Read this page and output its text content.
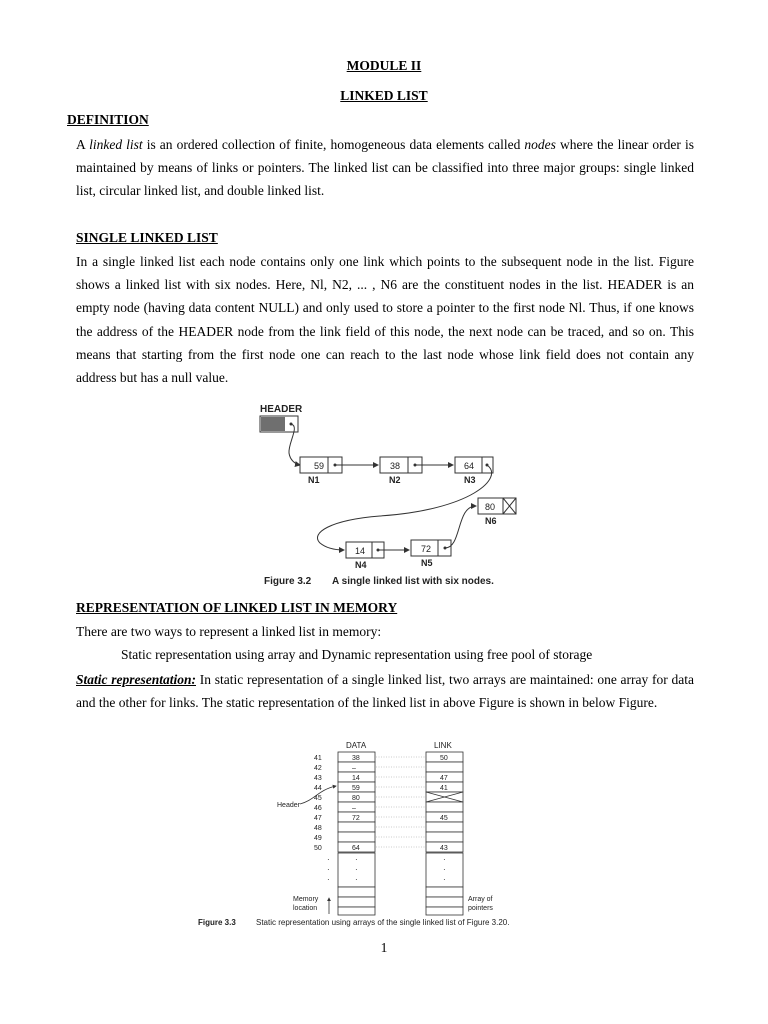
MODULE II
LINKED LIST
DEFINITION
A linked list is an ordered collection of finite, homogeneous data elements called nodes where the linear order is maintained by means of links or pointers. The linked list can be classified into three major groups: single linked list, circular linked list, and double linked list.
SINGLE LINKED LIST
In a single linked list each node contains only one link which points to the subsequent node in the list. Figure shows a linked list with six nodes. Here, Nl, N2, ... , N6 are the constituent nodes in the list. HEADER is an empty node (having data content NULL) and only used to store a pointer to the first node Nl. Thus, if one knows the address of the HEADER node from the link field of this node, the next node can be traced, and so on. This means that starting from the first node one can reach to the last node whose link field does not contain any address but has a null value.
HEADER
59
N1
38
N2
64
N3
80
N6
14
N4
72
N5
Figure 3.2 A single linked list with six nodes.
REPRESENTATION OF LINKED LIST IN MEMORY
There are two ways to represent a linked list in memory:
Static representation using array and Dynamic representation using free pool of storage
Static representation: In static representation of a single linked list, two arrays are maintained: one array for data and the other for links. The static representation of the linked list in above Figure is shown in below Figure.
DATA	LINK
41	38	50
42	–
43	14	47
44	59	41
45	80
46	–
47	72	45
48
49
50	64	43
·
·
·
·
·
·
·
·
·
Header
Memory
location
Array of
pointers
Figure 3.3	Static representation using arrays of the single linked list of Figure 3.20.
1
